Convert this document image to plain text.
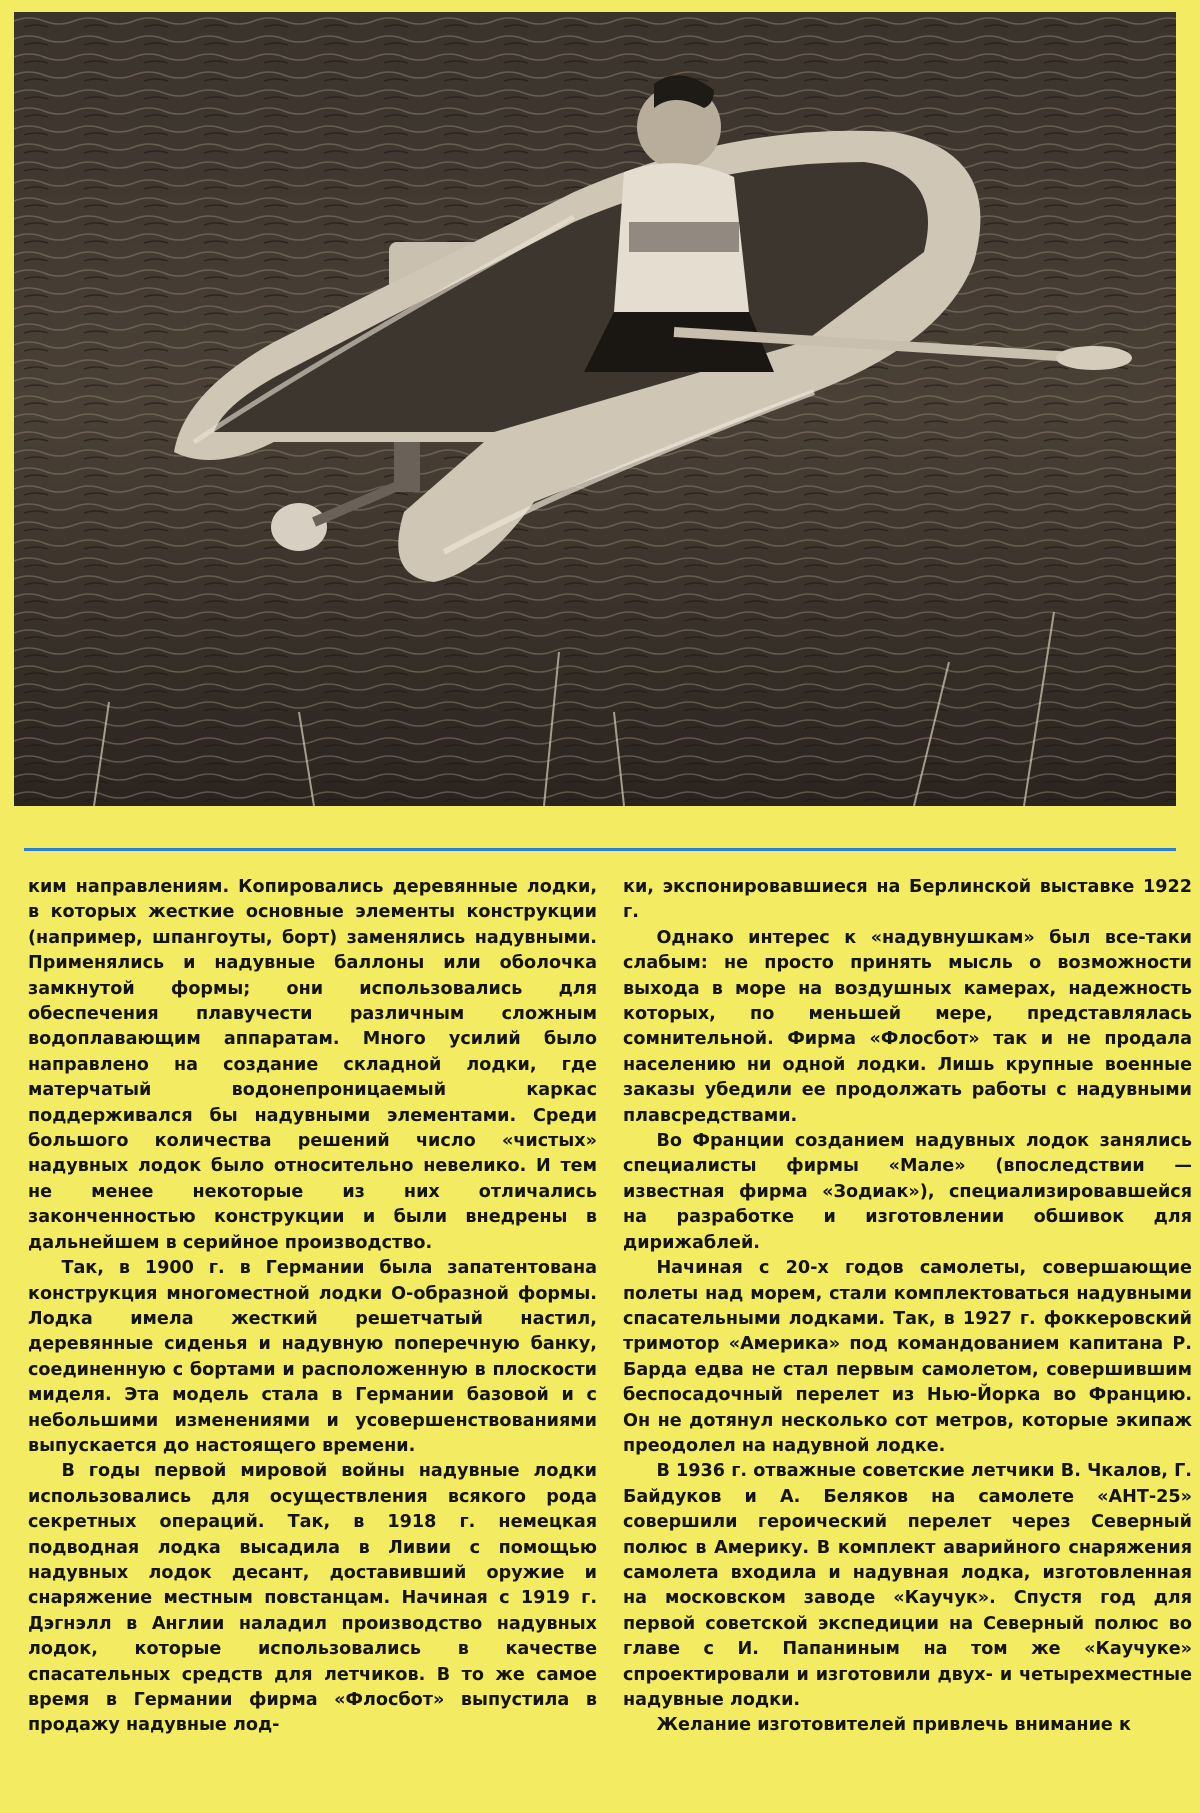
ким направлениям. Копировались деревянные лодки, в которых жесткие основные элементы конструкции (например, шпангоуты, борт) заменялись надувными. Применялись и надувные баллоны или оболочка замкнутой формы; они использовались для обеспечения плавучести различным сложным водоплавающим аппаратам. Много усилий было направлено на создание складной лодки, где матерчатый водонепроницаемый каркас поддерживался бы надувными элементами. Среди большого количества решений число «чистых» надувных лодок было относительно невелико. И тем не менее некоторые из них отличались законченностью конструкции и были внедрены в дальнейшем в серийное производство.

Так, в 1900 г. в Германии была запатентована конструкция многоместной лодки О-образной формы. Лодка имела жесткий решетчатый настил, деревянные сиденья и надувную поперечную банку, соединенную с бортами и расположенную в плоскости миделя. Эта модель стала в Германии базовой и с небольшими изменениями и усовершенствованиями выпускается до настоящего времени.

В годы первой мировой войны надувные лодки использовались для осуществления всякого рода секретных операций. Так, в 1918 г. немецкая подводная лодка высадила в Ливии с помощью надувных лодок десант, доставивший оружие и снаряжение местным повстанцам. Начиная с 1919 г. Дэгнэлл в Англии наладил производство надувных лодок, которые использовались в качестве спасательных средств для летчиков. В то же самое время в Германии фирма «Флосбот» выпустила в продажу надувные лод-

ки, экспонировавшиеся на Берлинской выставке 1922 г.

Однако интерес к «надувнушкам» был все-таки слабым: не просто принять мысль о возможности выхода в море на воздушных камерах, надежность которых, по меньшей мере, представлялась сомнительной. Фирма «Флосбот» так и не продала населению ни одной лодки. Лишь крупные военные заказы убедили ее продолжать работы с надувными плавсредствами.

Во Франции созданием надувных лодок занялись специалисты фирмы «Мале» (впоследствии — известная фирма «Зодиак»), специализировавшейся на разработке и изготовлении обшивок для дирижаблей.

Начиная с 20-х годов самолеты, совершающие полеты над морем, стали комплектоваться надувными спасательными лодками. Так, в 1927 г. фоккеровский тримотор «Америка» под командованием капитана Р. Барда едва не стал первым самолетом, совершившим беспосадочный перелет из Нью-Йорка во Францию. Он не дотянул несколько сот метров, которые экипаж преодолел на надувной лодке.

В 1936 г. отважные советские летчики В. Чкалов, Г. Байдуков и А. Беляков на самолете «АНТ-25» совершили героический перелет через Северный полюс в Америку. В комплект аварийного снаряжения самолета входила и надувная лодка, изготовленная на московском заводе «Каучук». Спустя год для первой советской экспедиции на Северный полюс во главе с И. Папаниным на том же «Каучуке» спроектировали и изготовили двух- и четырехместные надувные лодки.

Желание изготовителей привлечь внимание к
